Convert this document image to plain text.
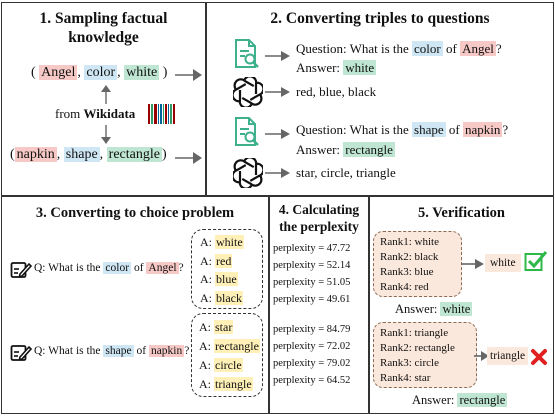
1. Sampling factual
knowledge
( Angel , color , white )
from Wikidata
( napkin , shape , rectangle )
2. Converting triples to questions
Question: What is the color of Angel ?
Answer: white
red, blue, black
Question: What is the shape of napkin ?
Answer: rectangle
star, circle, triangle
3. Converting to choice problem
Q: What is the color of Angel ?
A: white
A: red
A: blue
A: black
Q: What is the shape of napkin ?
A: star
A: rectangle
A: circle
A: triangle
4. Calculating
the perplexity
perplexity = 47.72
perplexity = 52.14
perplexity = 51.05
perplexity = 49.61
perplexity = 84.79
perplexity = 72.02
perplexity = 79.02
perplexity = 64.52
5. Verification
Rank1: white
Rank2: black
Rank3: blue
Rank4: red
white
Answer: white
Rank1: triangle
Rank2: rectangle
Rank3: circle
Rank4: star
triangle
Answer: rectangle
